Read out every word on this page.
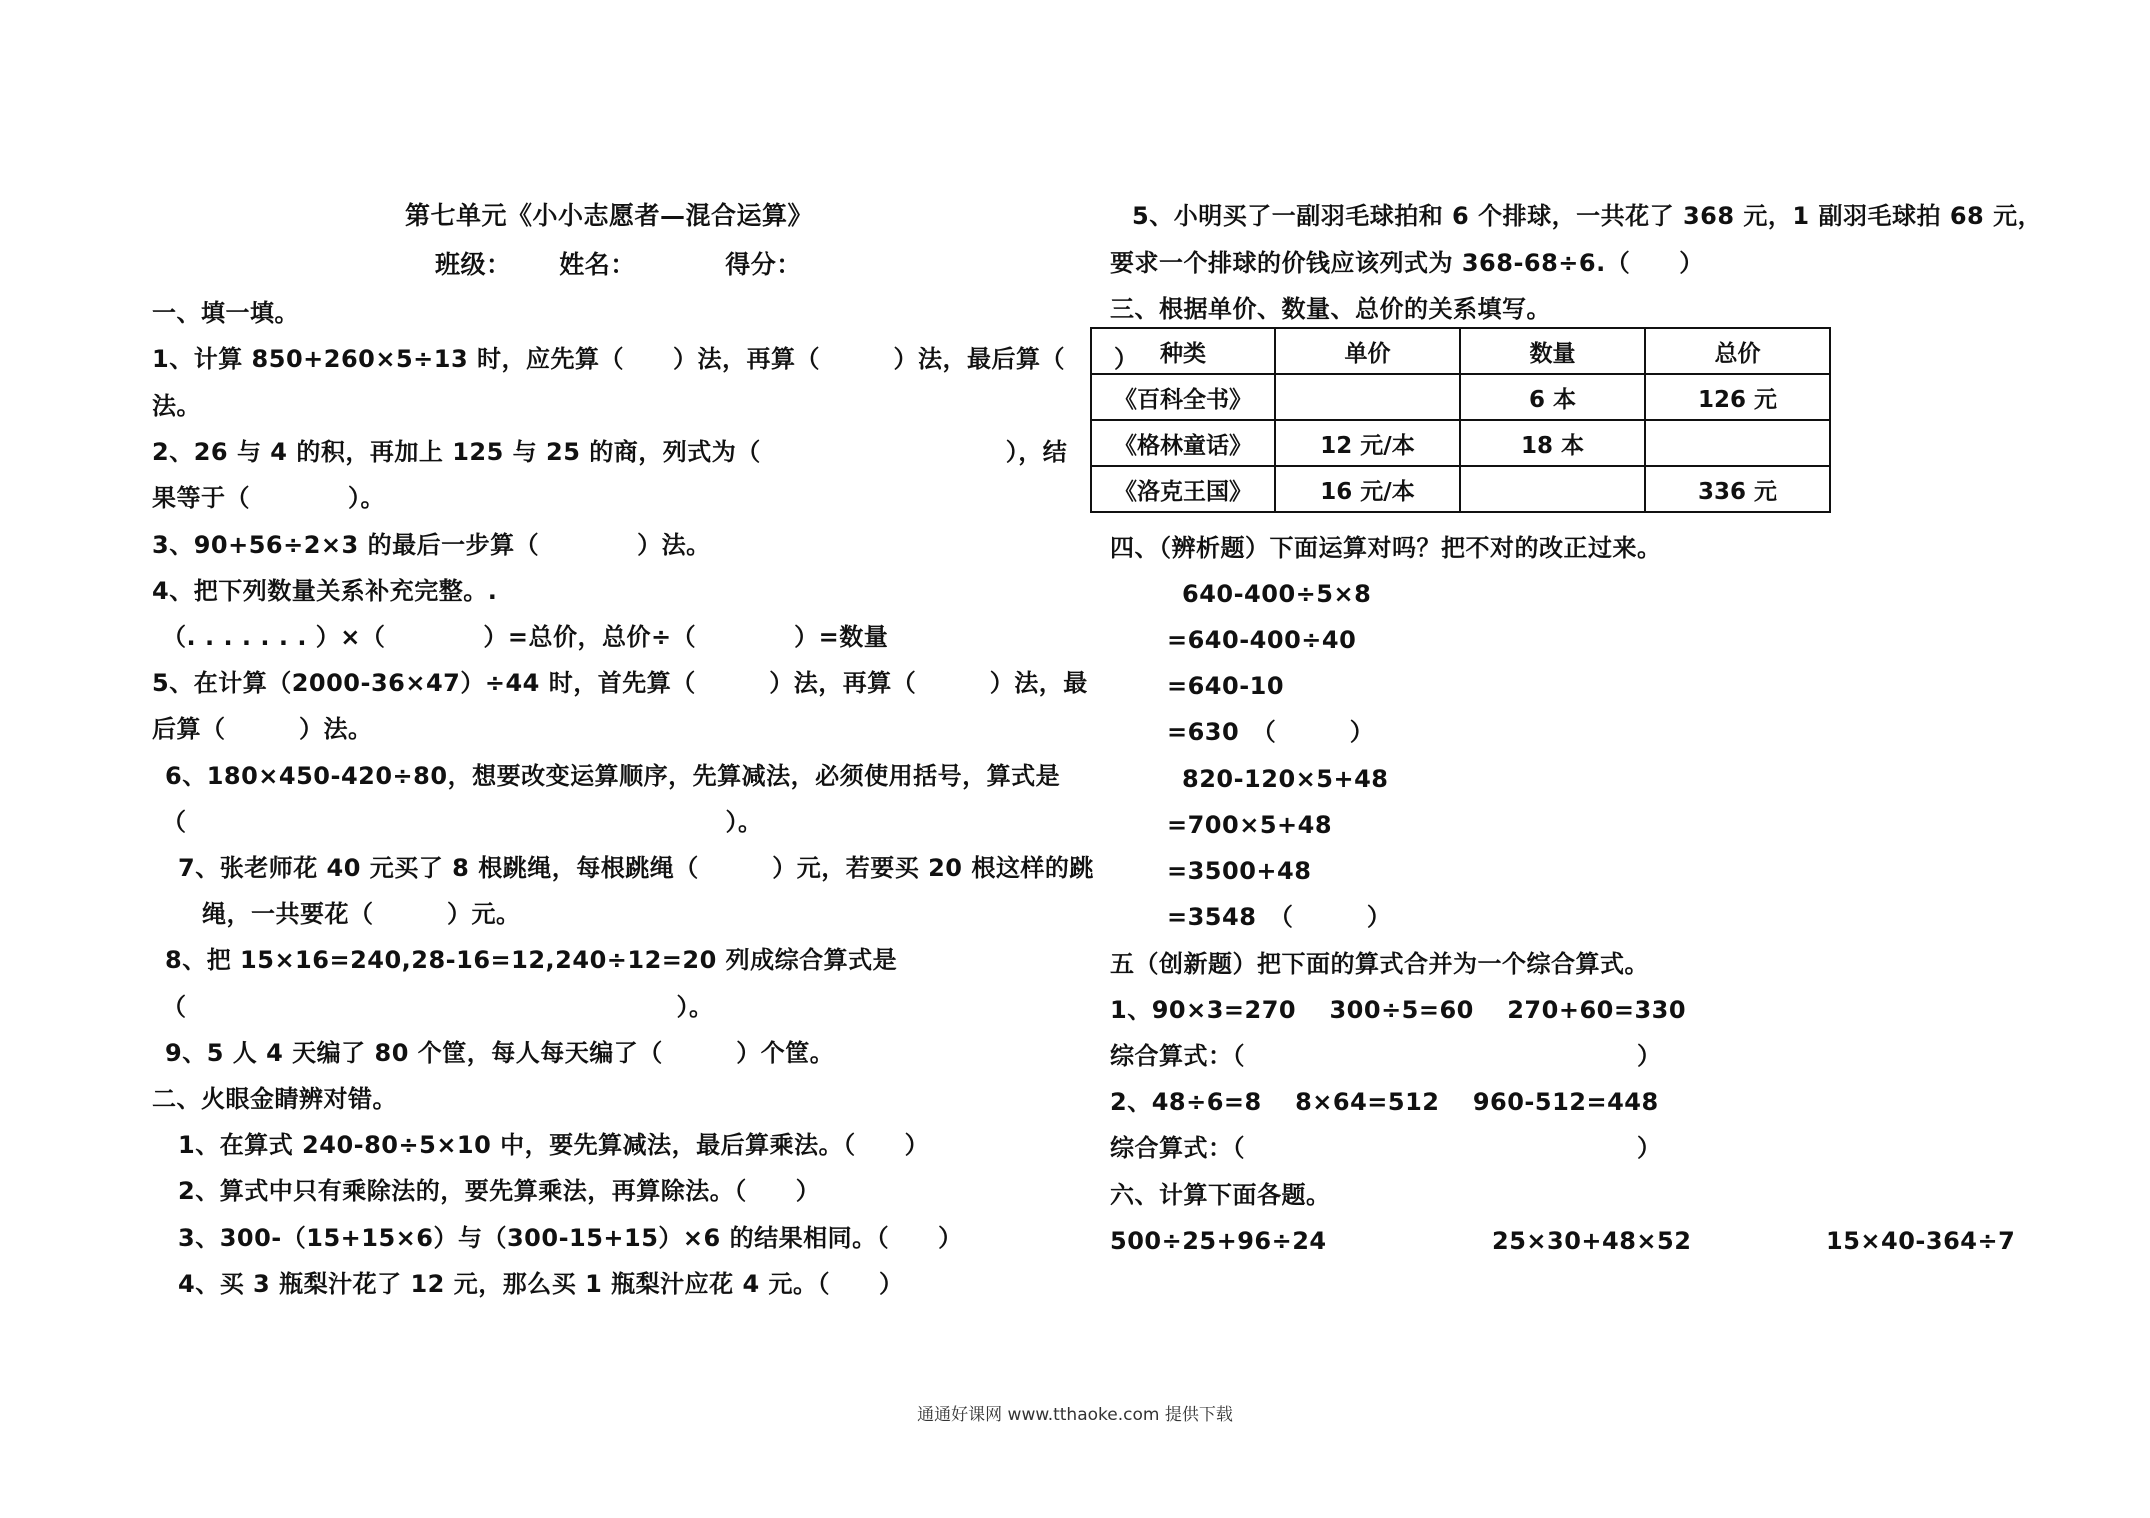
第七单元《小小志愿者—混合运算》
班级：　　 姓名：　　　　得分：
一、填一填。
1、计算 850+260×5÷13 时，应先算（　　）法，再算（　　　）法，最后算（　　）
法。
2、26 与 4 的积，再加上 125 与 25 的商，列式为（　　　　　　　　　　），结
果等于（　　　　）。
3、90+56÷2×3 的最后一步算（　　　　）法。
4、把下列数量关系补充完整。.
（. . . . . . . ）×（　　　　）=总价，总价÷（　　　　）=数量
5、在计算（2000-36×47）÷44 时，首先算（　　　）法，再算（　　　）法，最
后算（　　　）法。
6、180×450-420÷80，想要改变运算顺序，先算减法，必须使用括号，算式是
（　　　　　　　　　　　　　　　　　　　　　　）。
7、张老师花 40 元买了 8 根跳绳，每根跳绳（　　　）元，若要买 20 根这样的跳
绳，一共要花（　　　）元。
8、把 15×16=240,28-16=12,240÷12=20 列成综合算式是
（　　　　　　　　　　　　　　　　　　　　）。
9、5 人 4 天编了 80 个筐，每人每天编了（　　　）个筐。
二、火眼金睛辨对错。
1、在算式 240-80÷5×10 中，要先算减法，最后算乘法。（　　）
2、算式中只有乘除法的，要先算乘法，再算除法。（　　）
3、300-（15+15×6）与（300-15+15）×6 的结果相同。（　　）
4、买 3 瓶梨汁花了 12 元，那么买 1 瓶梨汁应花 4 元。（　　）
5、小明买了一副羽毛球拍和 6 个排球，一共花了 368 元，1 副羽毛球拍 68 元，
要求一个排球的价钱应该列式为 368-68÷6.（　　）
三、根据单价、数量、总价的关系填写。
种类	单价	数量	总价
《百科全书》		6 本	126 元
《格林童话》	12 元/本	18 本	
《洛克王国》	16 元/本		336 元
四、（辨析题）下面运算对吗？把不对的改正过来。
640-400÷5×8
=640-400÷40
=640-10
=630　（　　　）
820-120×5+48
=700×5+48
=3500+48
=3548　（　　　）
五（创新题）把下面的算式合并为一个综合算式。
1、90×3=270　 300÷5=60　 270+60=330
综合算式：（　　　　　　　　　　　　　　　　）
2、48÷6=8　 8×64=512　 960-512=448
综合算式：（　　　　　　　　　　　　　　　　）
六、计算下面各题。
500÷25+96÷24	25×30+48×52	15×40-364÷7
通通好课网 www.tthaoke.com 提供下载
